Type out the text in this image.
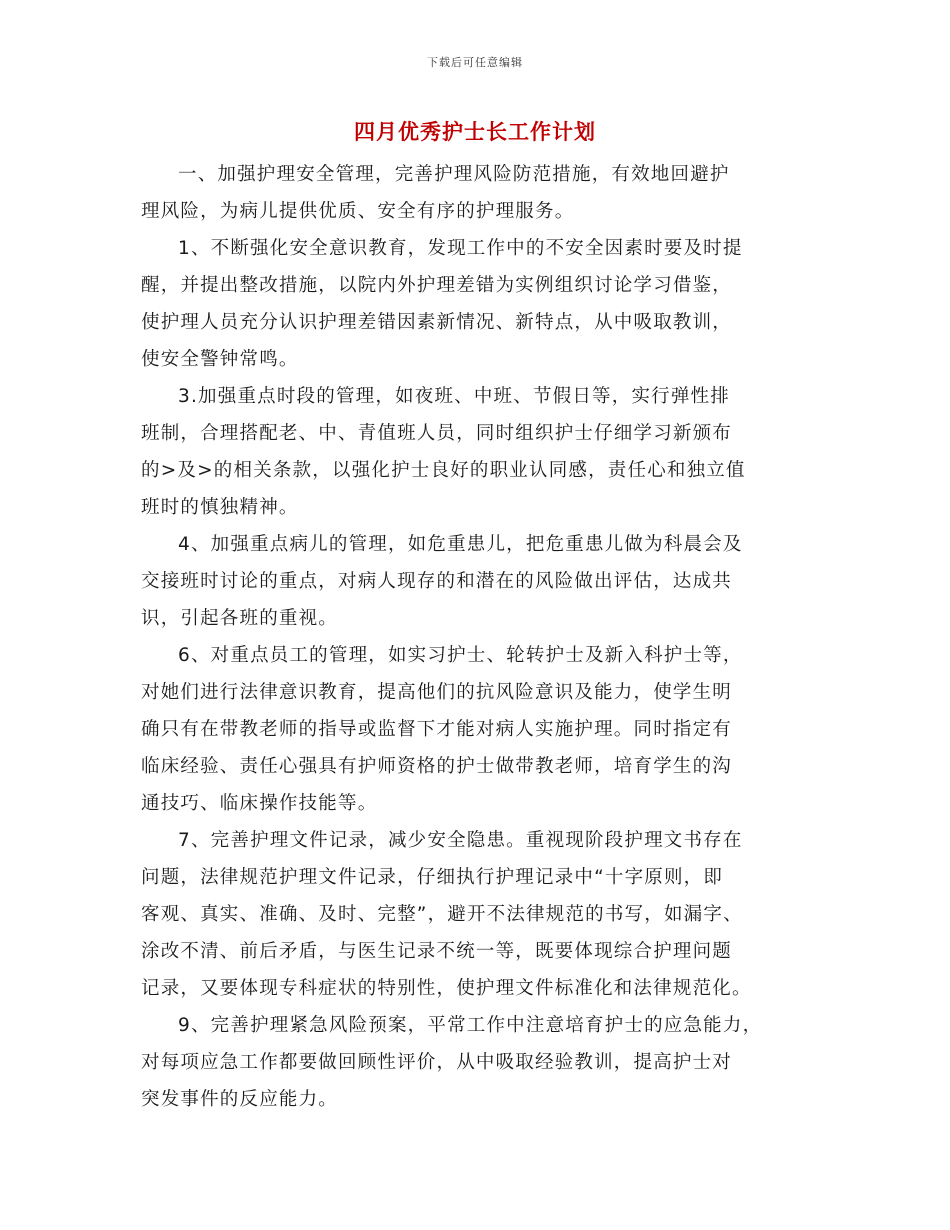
下载后可任意编辑
四月优秀护士长工作计划

一、加强护理安全管理，完善护理风险防范措施，有效地回避护
理风险，为病儿提供优质、安全有序的护理服务。

1、不断强化安全意识教育，发现工作中的不安全因素时要及时提
醒，并提出整改措施，以院内外护理差错为实例组织讨论学习借鉴，
使护理人员充分认识护理差错因素新情况、新特点，从中吸取教训，
使安全警钟常鸣。

3.加强重点时段的管理，如夜班、中班、节假日等，实行弹性排
班制，合理搭配老、中、青值班人员，同时组织护士仔细学习新颁布
的>及>的相关条款，以强化护士良好的职业认同感，责任心和独立值
班时的慎独精神。

4、加强重点病儿的管理，如危重患儿，把危重患儿做为科晨会及
交接班时讨论的重点，对病人现存的和潜在的风险做出评估，达成共
识，引起各班的重视。

6、对重点员工的管理，如实习护士、轮转护士及新入科护士等，
对她们进行法律意识教育，提高他们的抗风险意识及能力，使学生明
确只有在带教老师的指导或监督下才能对病人实施护理。同时指定有
临床经验、责任心强具有护师资格的护士做带教老师，培育学生的沟
通技巧、临床操作技能等。

7、完善护理文件记录，减少安全隐患。重视现阶段护理文书存在
问题，法律规范护理文件记录，仔细执行护理记录中“十字原则，即
客观、真实、准确、及时、完整”，避开不法律规范的书写，如漏字、
涂改不清、前后矛盾，与医生记录不统一等，既要体现综合护理问题
记录，又要体现专科症状的特别性，使护理文件标准化和法律规范化。

9、完善护理紧急风险预案，平常工作中注意培育护士的应急能力，
对每项应急工作都要做回顾性评价，从中吸取经验教训，提高护士对
突发事件的反应能力。
